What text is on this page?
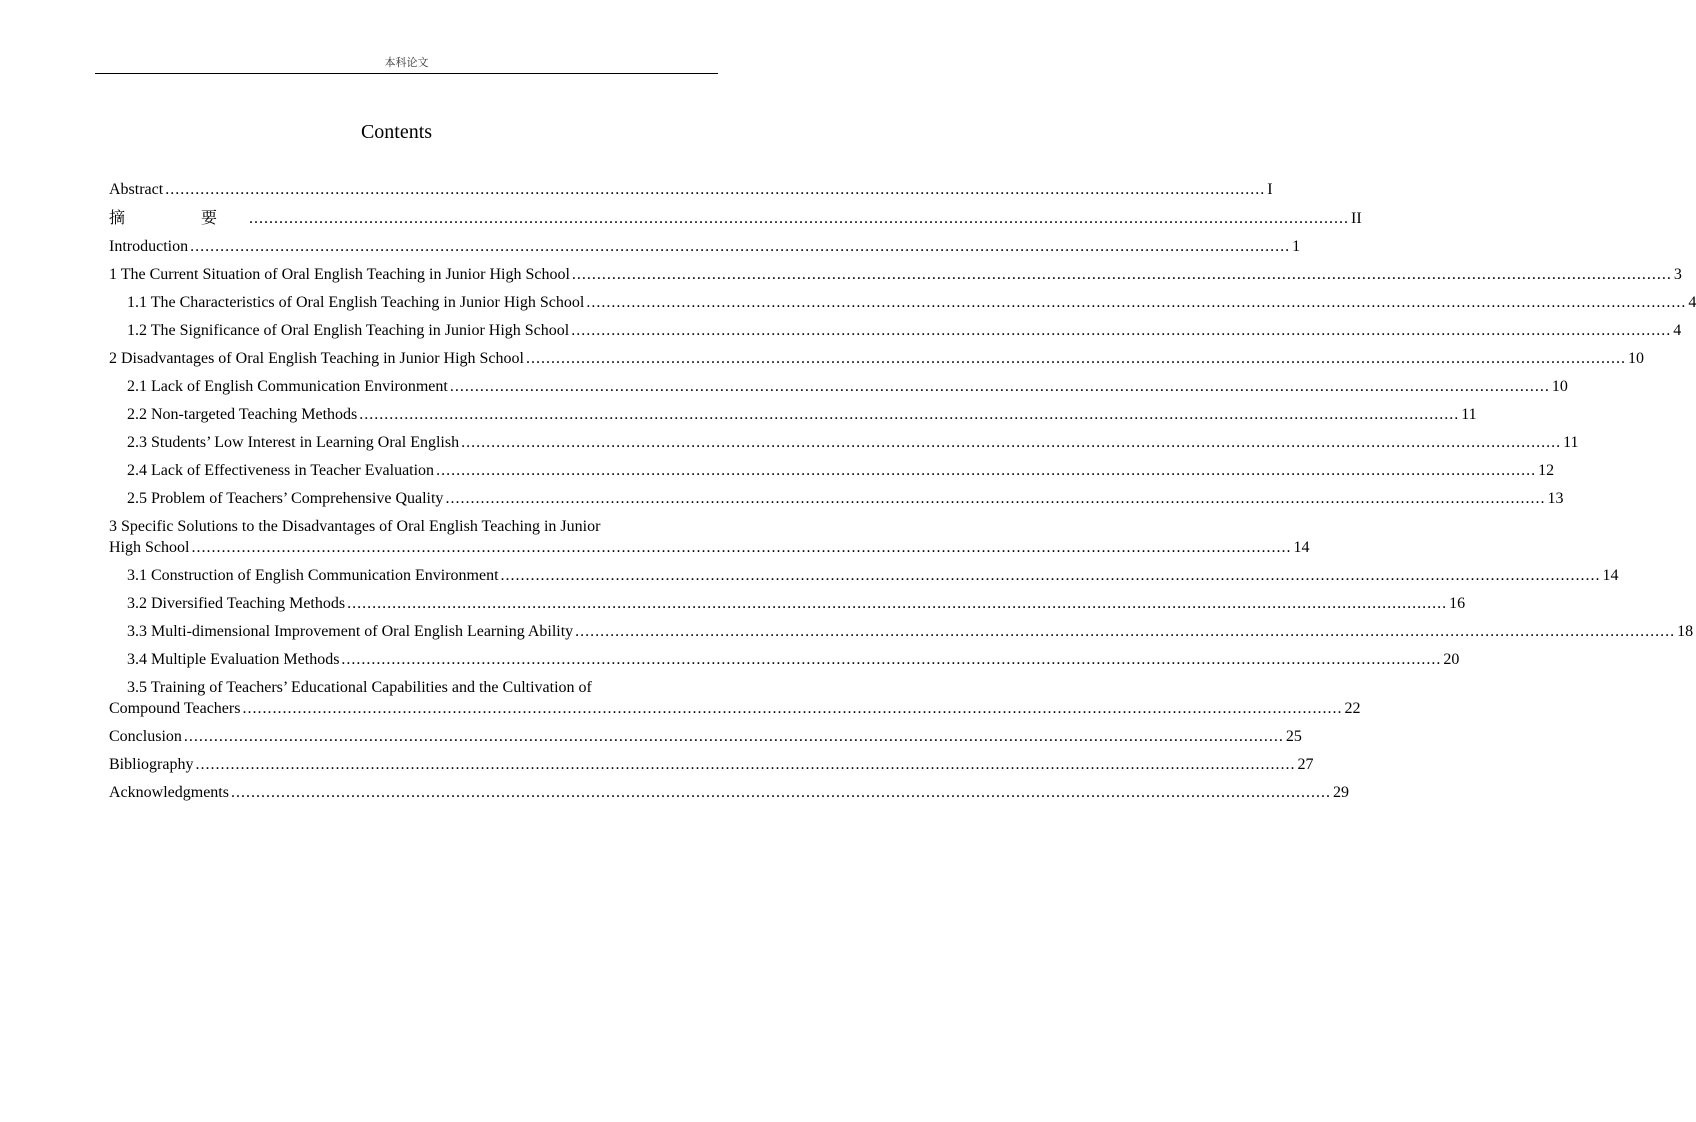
本科论文
Contents
Abstract ............................................................................................................................................................................................................................ I
摘　要 ............................................................................................................................................................................................................................ II
Introduction ............................................................................................................................................................................................................................ 1
1 The Current Situation of Oral English Teaching in Junior High School ............................................................................................................................................................................................................................ 3
1.1 The Characteristics of Oral English Teaching in Junior High School ............................................................................................................................................................................................................................ 4
1.2 The Significance of Oral English Teaching in Junior High School ............................................................................................................................................................................................................................ 4
2 Disadvantages of Oral English Teaching in Junior High School ............................................................................................................................................................................................................................ 10
2.1 Lack of English Communication Environment ............................................................................................................................................................................................................................ 10
2.2 Non-targeted Teaching Methods ............................................................................................................................................................................................................................ 11
2.3 Students’ Low Interest in Learning Oral English ............................................................................................................................................................................................................................ 11
2.4 Lack of Effectiveness in Teacher Evaluation ............................................................................................................................................................................................................................ 12
2.5 Problem of Teachers’ Comprehensive Quality ............................................................................................................................................................................................................................ 13
3 Specific Solutions to the Disadvantages of Oral English Teaching in Junior
High School ............................................................................................................................................................................................................................ 14
3.1 Construction of English Communication Environment ............................................................................................................................................................................................................................ 14
3.2 Diversified Teaching Methods ............................................................................................................................................................................................................................ 16
3.3 Multi-dimensional Improvement of Oral English Learning Ability ............................................................................................................................................................................................................................ 18
3.4 Multiple Evaluation Methods ............................................................................................................................................................................................................................ 20
3.5 Training of Teachers’ Educational Capabilities and the Cultivation of
Compound Teachers ............................................................................................................................................................................................................................ 22
Conclusion ............................................................................................................................................................................................................................ 25
Bibliography ............................................................................................................................................................................................................................ 27
Acknowledgments ............................................................................................................................................................................................................................ 29
